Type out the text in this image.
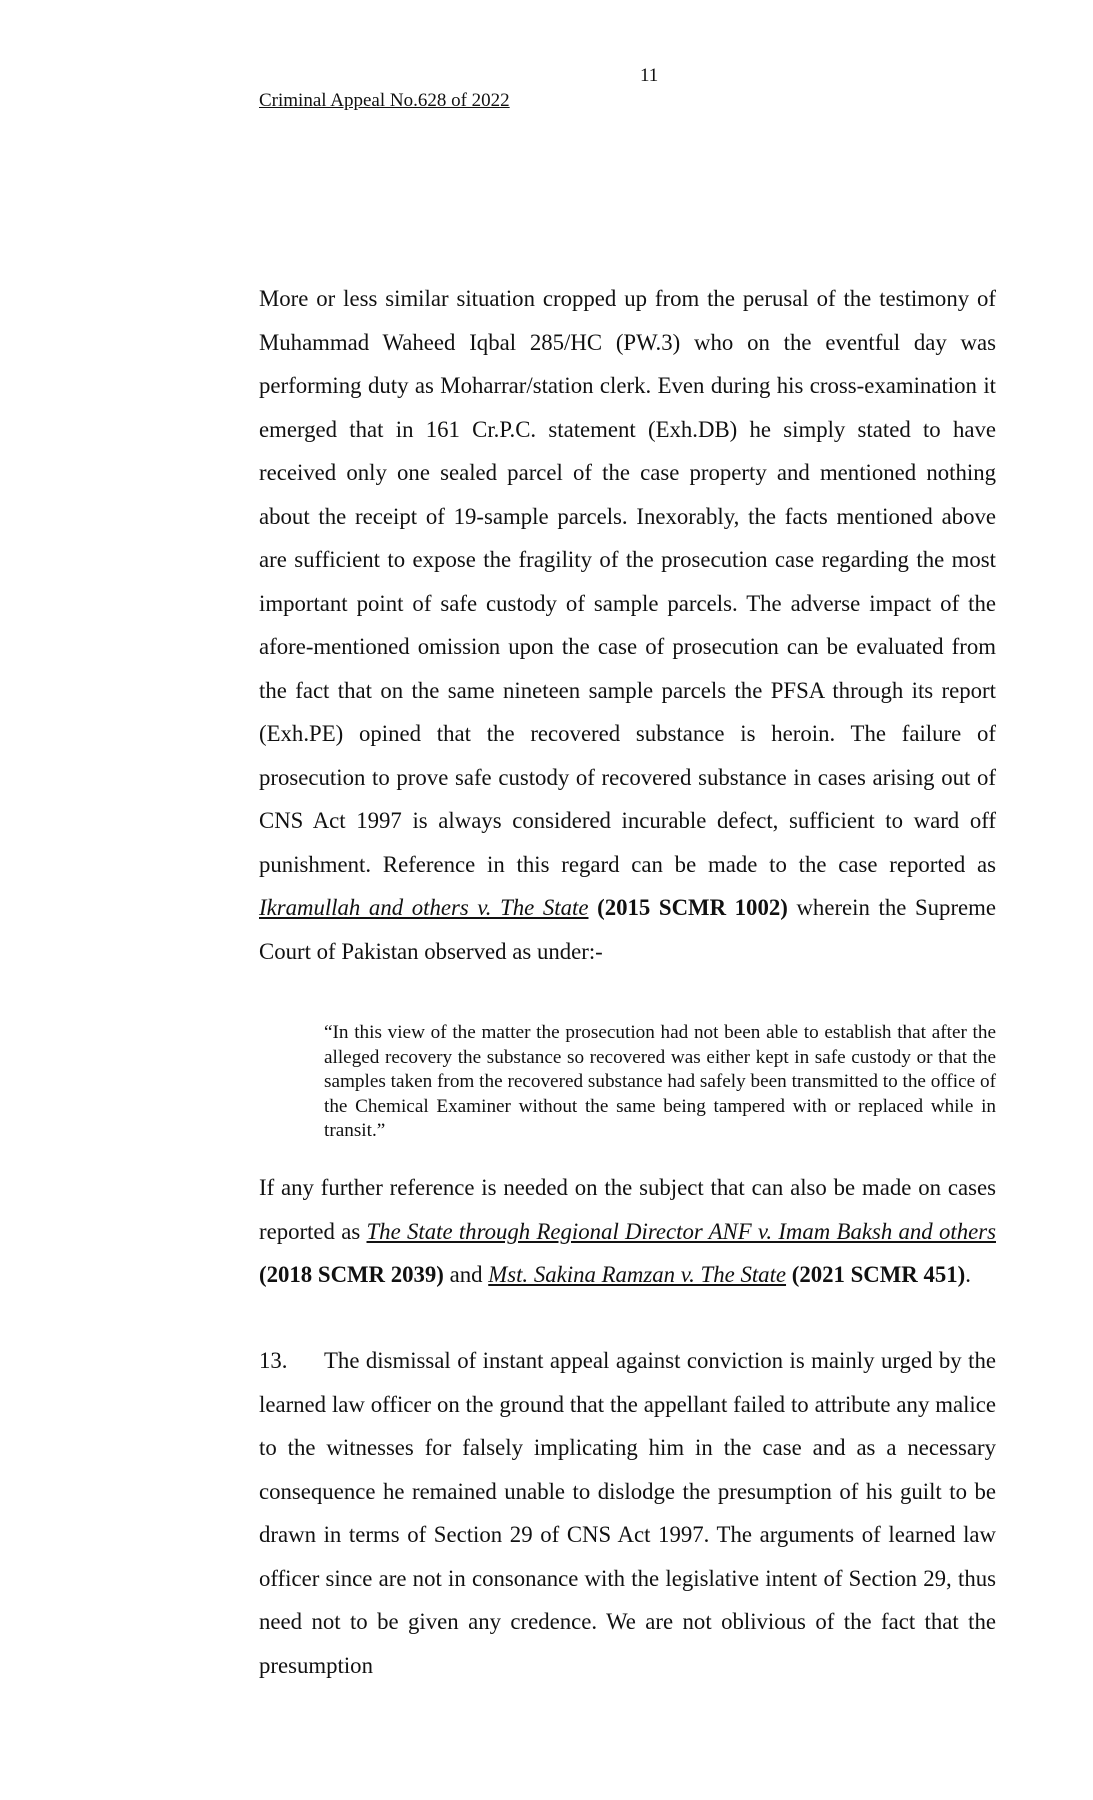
11
Criminal Appeal No.628 of 2022

More or less similar situation cropped up from the perusal of the testimony of Muhammad Waheed Iqbal 285/HC (PW.3) who on the eventful day was performing duty as Moharrar/station clerk. Even during his cross-examination it emerged that in 161 Cr.P.C. statement (Exh.DB) he simply stated to have received only one sealed parcel of the case property and mentioned nothing about the receipt of 19-sample parcels. Inexorably, the facts mentioned above are sufficient to expose the fragility of the prosecution case regarding the most important point of safe custody of sample parcels. The adverse impact of the afore-mentioned omission upon the case of prosecution can be evaluated from the fact that on the same nineteen sample parcels the PFSA through its report (Exh.PE) opined that the recovered substance is heroin. The failure of prosecution to prove safe custody of recovered substance in cases arising out of CNS Act 1997 is always considered incurable defect, sufficient to ward off punishment. Reference in this regard can be made to the case reported as Ikramullah and others v. The State (2015 SCMR 1002) wherein the Supreme Court of Pakistan observed as under:-

“In this view of the matter the prosecution had not been able to establish that after the alleged recovery the substance so recovered was either kept in safe custody or that the samples taken from the recovered substance had safely been transmitted to the office of the Chemical Examiner without the same being tampered with or replaced while in transit.”

If any further reference is needed on the subject that can also be made on cases reported as The State through Regional Director ANF v. Imam Baksh and others (2018 SCMR 2039) and Mst. Sakina Ramzan v. The State (2021 SCMR 451).

13. The dismissal of instant appeal against conviction is mainly urged by the learned law officer on the ground that the appellant failed to attribute any malice to the witnesses for falsely implicating him in the case and as a necessary consequence he remained unable to dislodge the presumption of his guilt to be drawn in terms of Section 29 of CNS Act 1997. The arguments of learned law officer since are not in consonance with the legislative intent of Section 29, thus need not to be given any credence. We are not oblivious of the fact that the presumption
